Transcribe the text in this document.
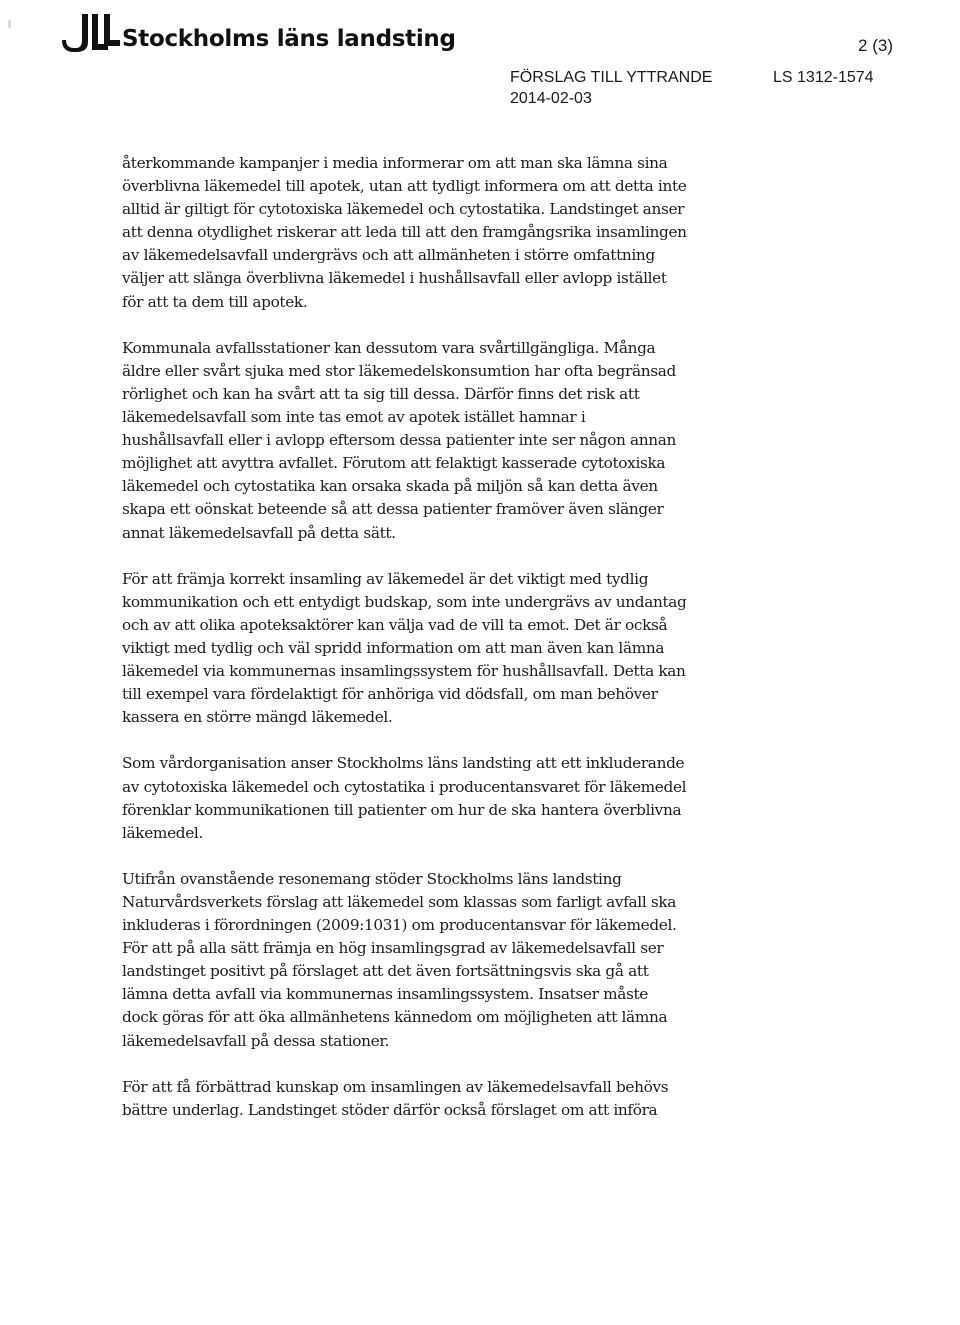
Stockholms läns landsting	2 (3)
FÖRSLAG TILL YTTRANDE
2014-02-03
LS 1312-1574

återkommande kampanjer i media informerar om att man ska lämna sina
överblivna läkemedel till apotek, utan att tydligt informera om att detta inte
alltid är giltigt för cytotoxiska läkemedel och cytostatika. Landstinget anser
att denna otydlighet riskerar att leda till att den framgångsrika insamlingen
av läkemedelsavfall undergrävs och att allmänheten i större omfattning
väljer att slänga överblivna läkemedel i hushållsavfall eller avlopp istället
för att ta dem till apotek.

Kommunala avfallsstationer kan dessutom vara svårtillgängliga. Många
äldre eller svårt sjuka med stor läkemedelskonsumtion har ofta begränsad
rörlighet och kan ha svårt att ta sig till dessa. Därför finns det risk att
läkemedelsavfall som inte tas emot av apotek istället hamnar i
hushållsavfall eller i avlopp eftersom dessa patienter inte ser någon annan
möjlighet att avyttra avfallet. Förutom att felaktigt kasserade cytotoxiska
läkemedel och cytostatika kan orsaka skada på miljön så kan detta även
skapa ett oönskat beteende så att dessa patienter framöver även slänger
annat läkemedelsavfall på detta sätt.

För att främja korrekt insamling av läkemedel är det viktigt med tydlig
kommunikation och ett entydigt budskap, som inte undergrävs av undantag
och av att olika apoteksaktörer kan välja vad de vill ta emot. Det är också
viktigt med tydlig och väl spridd information om att man även kan lämna
läkemedel via kommunernas insamlingssystem för hushållsavfall. Detta kan
till exempel vara fördelaktigt för anhöriga vid dödsfall, om man behöver
kassera en större mängd läkemedel.

Som vårdorganisation anser Stockholms läns landsting att ett inkluderande
av cytotoxiska läkemedel och cytostatika i producentansvaret för läkemedel
förenklar kommunikationen till patienter om hur de ska hantera överblivna
läkemedel.

Utifrån ovanstående resonemang stöder Stockholms läns landsting
Naturvårdsverkets förslag att läkemedel som klassas som farligt avfall ska
inkluderas i förordningen (2009:1031) om producentansvar för läkemedel.
För att på alla sätt främja en hög insamlingsgrad av läkemedelsavfall ser
landstinget positivt på förslaget att det även fortsättningsvis ska gå att
lämna detta avfall via kommunernas insamlingssystem. Insatser måste
dock göras för att öka allmänhetens kännedom om möjligheten att lämna
läkemedelsavfall på dessa stationer.

För att få förbättrad kunskap om insamlingen av läkemedelsavfall behövs
bättre underlag. Landstinget stöder därför också förslaget om att införa
